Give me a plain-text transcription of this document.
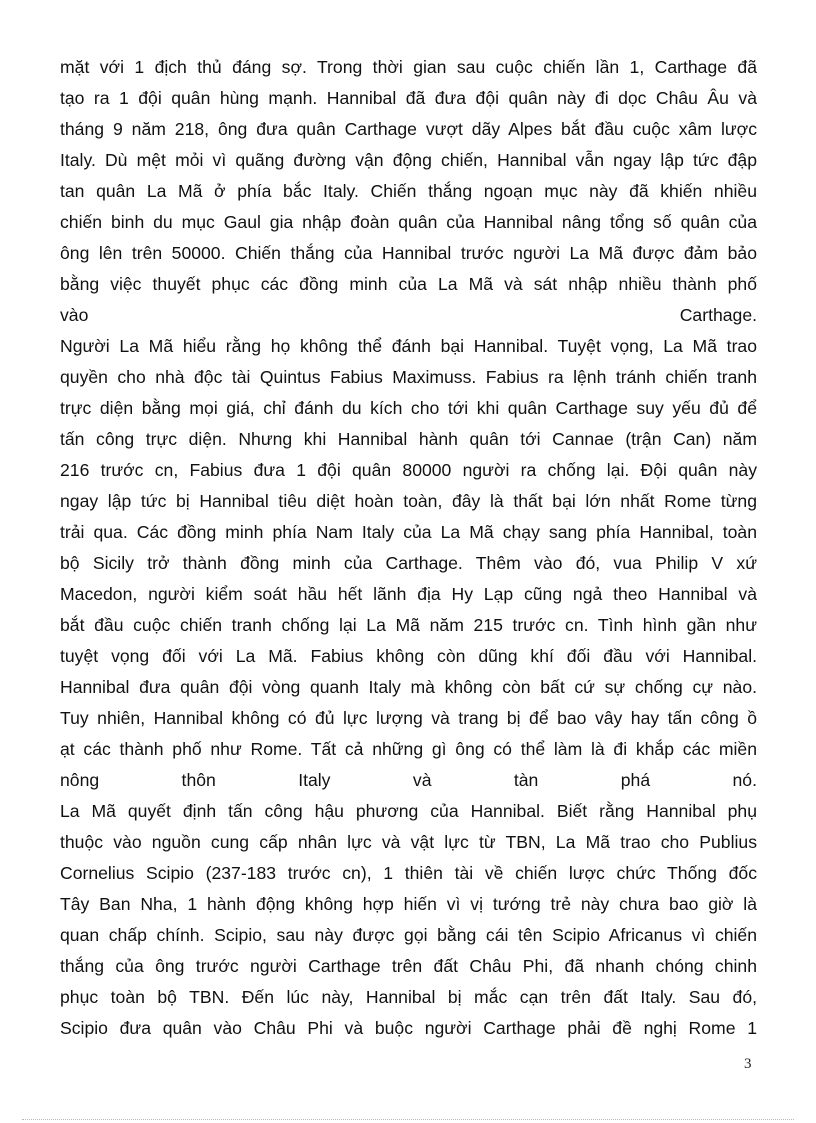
mặt với 1 địch thủ đáng sợ. Trong thời gian sau cuộc chiến lần 1, Carthage đã
tạo ra 1 đội quân hùng mạnh. Hannibal đã đưa đội quân này đi dọc Châu Âu và
tháng 9 năm 218, ông đưa quân Carthage vượt dãy Alpes bắt đầu cuộc xâm lược
Italy. Dù mệt mỏi vì quãng đường vận động chiến, Hannibal vẫn ngay lập tức đập
tan quân La Mã ở phía bắc Italy. Chiến thắng ngoạn mục này đã khiến nhiều
chiến binh du mục Gaul gia nhập đoàn quân của Hannibal nâng tổng số quân của
ông lên trên 50000. Chiến thắng của Hannibal trước người La Mã được đảm bảo
bằng việc thuyết phục các đồng minh của La Mã và sát nhập nhiều thành phố
vào Carthage.
Người La Mã hiểu rằng họ không thể đánh bại Hannibal. Tuyệt vọng, La Mã trao
quyền cho nhà độc tài Quintus Fabius Maximuss. Fabius ra lệnh tránh chiến tranh
trực diện bằng mọi giá, chỉ đánh du kích cho tới khi quân Carthage suy yếu đủ để
tấn công trực diện. Nhưng khi Hannibal hành quân tới Cannae (trận Can) năm
216 trước cn, Fabius đưa 1 đội quân 80000 người ra chống lại. Đội quân này
ngay lập tức bị Hannibal tiêu diệt hoàn toàn, đây là thất bại lớn nhất Rome từng
trải qua. Các đồng minh phía Nam Italy của La Mã chạy sang phía Hannibal, toàn
bộ Sicily trở thành đồng minh của Carthage. Thêm vào đó, vua Philip V xứ
Macedon, người kiểm soát hầu hết lãnh địa Hy Lạp cũng ngả theo Hannibal và
bắt đầu cuộc chiến tranh chống lại La Mã năm 215 trước cn. Tình hình gần như
tuyệt vọng đối với La Mã. Fabius không còn dũng khí đối đầu với Hannibal.
Hannibal đưa quân đội vòng quanh Italy mà không còn bất cứ sự chống cự nào.
Tuy nhiên, Hannibal không có đủ lực lượng và trang bị để bao vây hay tấn công ồ
ạt các thành phố như Rome. Tất cả những gì ông có thể làm là đi khắp các miền
nông thôn Italy và tàn phá nó.
La Mã quyết định tấn công hậu phương của Hannibal. Biết rằng Hannibal phụ
thuộc vào nguồn cung cấp nhân lực và vật lực từ TBN, La Mã trao cho Publius
Cornelius Scipio (237-183 trước cn), 1 thiên tài về chiến lược chức Thống đốc
Tây Ban Nha, 1 hành động không hợp hiến vì vị tướng trẻ này chưa bao giờ là
quan chấp chính. Scipio, sau này được gọi bằng cái tên Scipio Africanus vì chiến
thắng của ông trước người Carthage trên đất Châu Phi, đã nhanh chóng chinh
phục toàn bộ TBN. Đến lúc này, Hannibal bị mắc cạn trên đất Italy. Sau đó,
Scipio đưa quân vào Châu Phi và buộc người Carthage phải đề nghị Rome 1
3
